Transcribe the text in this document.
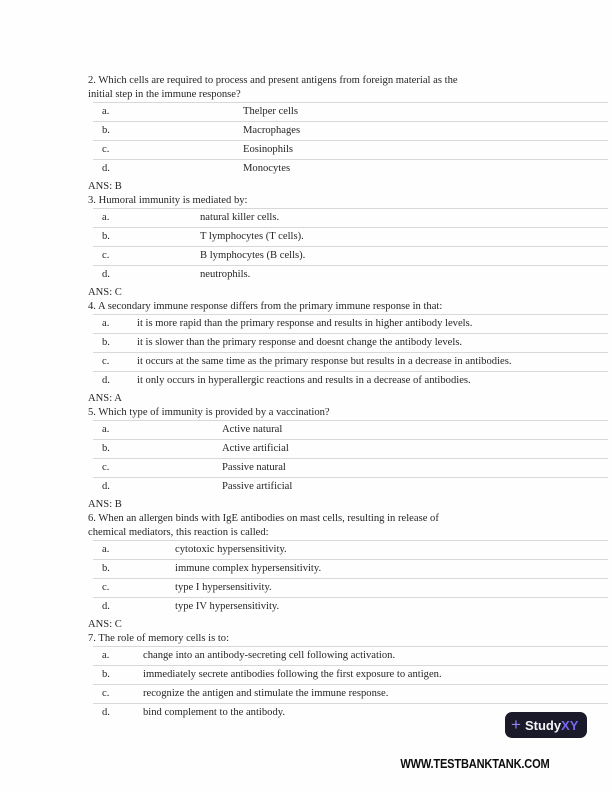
2. Which cells are required to process and present antigens from foreign material as the
initial step in the immune response?

a.	Thelper cells
b.	Macrophages
c.	Eosinophils
d.	Monocytes

ANS: B

3. Humoral immunity is mediated by:

a.	natural killer cells.
b.	T lymphocytes (T cells).
c.	B lymphocytes (B cells).
d.	neutrophils.

ANS: C

4. A secondary immune response differs from the primary immune response in that:

a.	it is more rapid than the primary response and results in higher antibody levels.
b.	it is slower than the primary response and doesnt change the antibody levels.
c.	it occurs at the same time as the primary response but results in a decrease in antibodies.
d.	it only occurs in hyperallergic reactions and results in a decrease of antibodies.

ANS: A

5. Which type of immunity is provided by a vaccination?

a.	Active natural
b.	Active artificial
c.	Passive natural
d.	Passive artificial

ANS: B

6. When an allergen binds with IgE antibodies on mast cells, resulting in release of
chemical mediators, this reaction is called:

a.	cytotoxic hypersensitivity.
b.	immune complex hypersensitivity.
c.	type I hypersensitivity.
d.	type IV hypersensitivity.

ANS: C

7. The role of memory cells is to:

a.	change into an antibody-secreting cell following activation.
b.	immediately secrete antibodies following the first exposure to antigen.
c.	recognize the antigen and stimulate the immune response.
d.	bind complement to the antibody.
+ StudyXY
WWW.TESTBANKTANK.COM
